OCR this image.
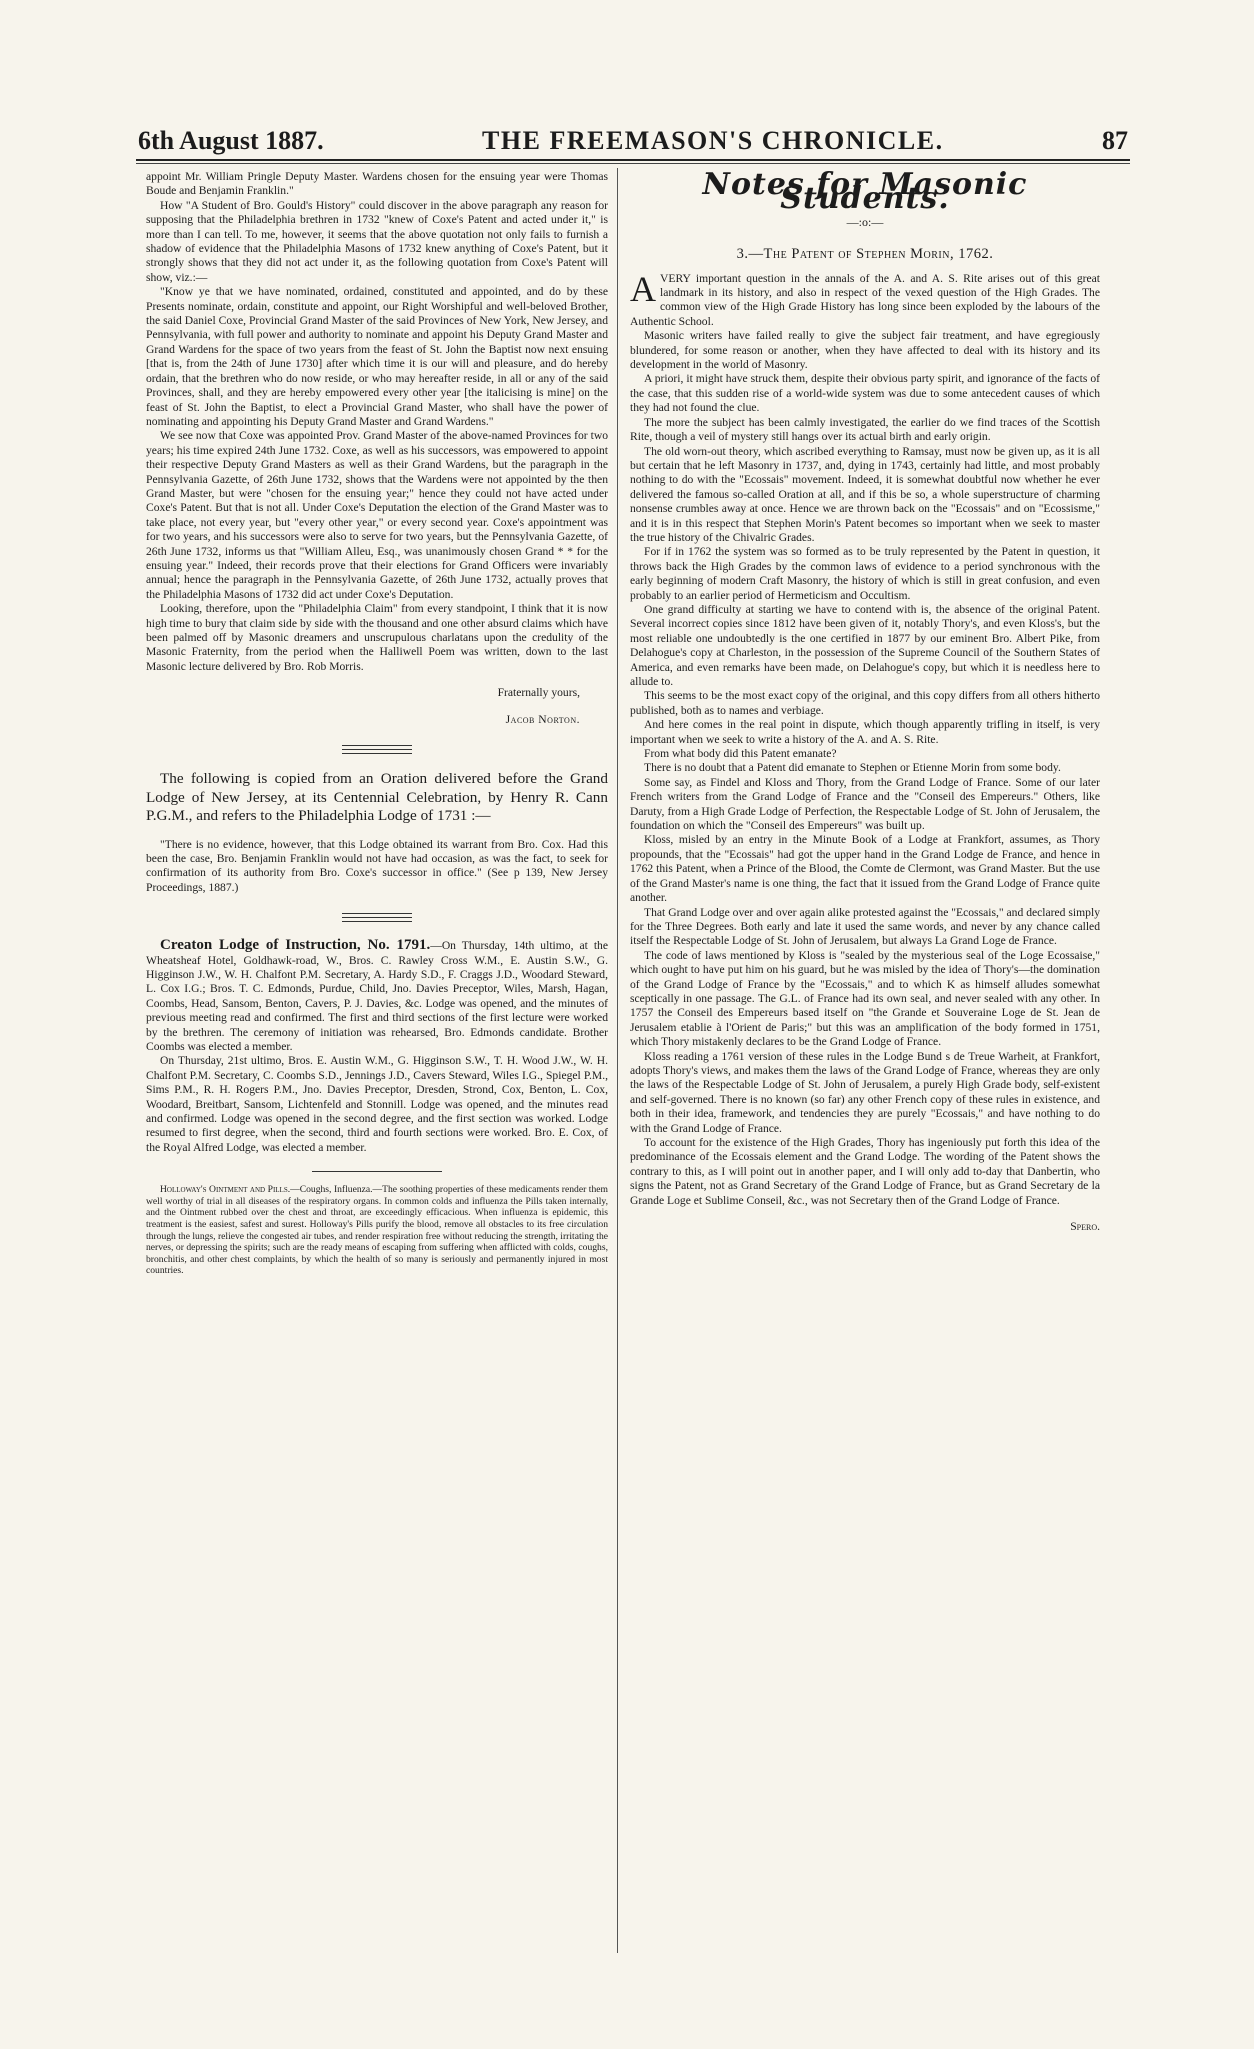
6th August 1887.	THE FREEMASON'S CHRONICLE.	87

appoint Mr. William Pringle Deputy Master. Wardens chosen for the ensuing year were Thomas Boude and Benjamin Franklin."

How "A Student of Bro. Gould's History" could discover in the above paragraph any reason for supposing that the Philadelphia brethren in 1732 "knew of Coxe's Patent and acted under it," is more than I can tell. To me, however, it seems that the above quotation not only fails to furnish a shadow of evidence that the Philadelphia Masons of 1732 knew anything of Coxe's Patent, but it strongly shows that they did not act under it, as the following quotation from Coxe's Patent will show, viz.:—

"Know ye that we have nominated, ordained, constituted and appointed, and do by these Presents nominate, ordain, constitute and appoint, our Right Worshipful and well-beloved Brother, the said Daniel Coxe, Provincial Grand Master of the said Provinces of New York, New Jersey, and Pennsylvania, with full power and authority to nominate and appoint his Deputy Grand Master and Grand Wardens for the space of two years from the feast of St. John the Baptist now next ensuing [that is, from the 24th of June 1730] after which time it is our will and pleasure, and do hereby ordain, that the brethren who do now reside, or who may hereafter reside, in all or any of the said Provinces, shall, and they are hereby empowered every other year [the italicising is mine] on the feast of St. John the Baptist, to elect a Provincial Grand Master, who shall have the power of nominating and appointing his Deputy Grand Master and Grand Wardens."

We see now that Coxe was appointed Prov. Grand Master of the above-named Provinces for two years; his time expired 24th June 1732. Coxe, as well as his successors, was empowered to appoint their respective Deputy Grand Masters as well as their Grand Wardens, but the paragraph in the Pennsylvania Gazette, of 26th June 1732, shows that the Wardens were not appointed by the then Grand Master, but were "chosen for the ensuing year;" hence they could not have acted under Coxe's Patent. But that is not all. Under Coxe's Deputation the election of the Grand Master was to take place, not every year, but "every other year," or every second year. Coxe's appointment was for two years, and his successors were also to serve for two years, but the Pennsylvania Gazette, of 26th June 1732, informs us that "William Alleu, Esq., was unanimously chosen Grand * * for the ensuing year." Indeed, their records prove that their elections for Grand Officers were invariably annual; hence the paragraph in the Pennsylvania Gazette, of 26th June 1732, actually proves that the Philadelphia Masons of 1732 did act under Coxe's Deputation.

Looking, therefore, upon the "Philadelphia Claim" from every standpoint, I think that it is now high time to bury that claim side by side with the thousand and one other absurd claims which have been palmed off by Masonic dreamers and unscrupulous charlatans upon the credulity of the Masonic Fraternity, from the period when the Halliwell Poem was written, down to the last Masonic lecture delivered by Bro. Rob Morris.

Fraternally yours,
Jacob Norton.

The following is copied from an Oration delivered before the Grand Lodge of New Jersey, at its Centennial Celebration, by Henry R. Cann P.G.M., and refers to the Philadelphia Lodge of 1731 :—

"There is no evidence, however, that this Lodge obtained its warrant from Bro. Cox. Had this been the case, Bro. Benjamin Franklin would not have had occasion, as was the fact, to seek for confirmation of its authority from Bro. Coxe's successor in office." (See p 139, New Jersey Proceedings, 1887.)

Creaton Lodge of Instruction, No. 1791.—On Thursday, 14th ultimo, at the Wheatsheaf Hotel, Goldhawk-road, W., Bros. C. Rawley Cross W.M., E. Austin S.W., G. Higginson J.W., W. H. Chalfont P.M. Secretary, A. Hardy S.D., F. Craggs J.D., Woodard Steward, L. Cox I.G.; Bros. T. C. Edmonds, Purdue, Child, Jno. Davies Preceptor, Wiles, Marsh, Hagan, Coombs, Head, Sansom, Benton, Cavers, P. J. Davies, &c. Lodge was opened, and the minutes of previous meeting read and confirmed. The first and third sections of the first lecture were worked by the brethren. The ceremony of initiation was rehearsed, Bro. Edmonds candidate. Brother Coombs was elected a member.

On Thursday, 21st ultimo, Bros. E. Austin W.M., G. Higginson S.W., T. H. Wood J.W., W. H. Chalfont P.M. Secretary, C. Coombs S.D., Jennings J.D., Cavers Steward, Wiles I.G., Spiegel P.M., Sims P.M., R. H. Rogers P.M., Jno. Davies Preceptor, Dresden, Strond, Cox, Benton, L. Cox, Woodard, Breitbart, Sansom, Lichtenfeld and Stonnill. Lodge was opened, and the minutes read and confirmed. Lodge was opened in the second degree, and the first section was worked. Lodge resumed to first degree, when the second, third and fourth sections were worked. Bro. E. Cox, of the Royal Alfred Lodge, was elected a member.

Holloway's Ointment and Pills.—Coughs, Influenza.—The soothing properties of these medicaments render them well worthy of trial in all diseases of the respiratory organs. In common colds and influenza the Pills taken internally, and the Ointment rubbed over the chest and throat, are exceedingly efficacious. When influenza is epidemic, this treatment is the easiest, safest and surest. Holloway's Pills purify the blood, remove all obstacles to its free circulation through the lungs, relieve the congested air tubes, and render respiration free without reducing the strength, irritating the nerves, or depressing the spirits; such are the ready means of escaping from suffering when afflicted with colds, coughs, bronchitis, and other chest complaints, by which the health of so many is seriously and permanently injured in most countries.

Notes for Masonic Students.
—:o:—
3.—The Patent of Stephen Morin, 1762.

A VERY important question in the annals of the A. and A. S. Rite arises out of this great landmark in its history, and also in respect of the vexed question of the High Grades. The common view of the High Grade History has long since been exploded by the labours of the Authentic School.

Masonic writers have failed really to give the subject fair treatment, and have egregiously blundered, for some reason or another, when they have affected to deal with its history and its development in the world of Masonry.

A priori, it might have struck them, despite their obvious party spirit, and ignorance of the facts of the case, that this sudden rise of a world-wide system was due to some antecedent causes of which they had not found the clue.

The more the subject has been calmly investigated, the earlier do we find traces of the Scottish Rite, though a veil of mystery still hangs over its actual birth and early origin.

The old worn-out theory, which ascribed everything to Ramsay, must now be given up, as it is all but certain that he left Masonry in 1737, and, dying in 1743, certainly had little, and most probably nothing to do with the "Ecossais" movement. Indeed, it is somewhat doubtful now whether he ever delivered the famous so-called Oration at all, and if this be so, a whole superstructure of charming nonsense crumbles away at once. Hence we are thrown back on the "Ecossais" and on "Ecossisme," and it is in this respect that Stephen Morin's Patent becomes so important when we seek to master the true history of the Chivalric Grades.

For if in 1762 the system was so formed as to be truly represented by the Patent in question, it throws back the High Grades by the common laws of evidence to a period synchronous with the early beginning of modern Craft Masonry, the history of which is still in great confusion, and even probably to an earlier period of Hermeticism and Occultism.

One grand difficulty at starting we have to contend with is, the absence of the original Patent. Several incorrect copies since 1812 have been given of it, notably Thory's, and even Kloss's, but the most reliable one undoubtedly is the one certified in 1877 by our eminent Bro. Albert Pike, from Delahogue's copy at Charleston, in the possession of the Supreme Council of the Southern States of America, and even remarks have been made, on Delahogue's copy, but which it is needless here to allude to.

This seems to be the most exact copy of the original, and this copy differs from all others hitherto published, both as to names and verbiage.

And here comes in the real point in dispute, which though apparently trifling in itself, is very important when we seek to write a history of the A. and A. S. Rite.

From what body did this Patent emanate?

There is no doubt that a Patent did emanate to Stephen or Etienne Morin from some body.

Some say, as Findel and Kloss and Thory, from the Grand Lodge of France. Some of our later French writers from the Grand Lodge of France and the "Conseil des Empereurs." Others, like Daruty, from a High Grade Lodge of Perfection, the Respectable Lodge of St. John of Jerusalem, the foundation on which the "Conseil des Empereurs" was built up.

Kloss, misled by an entry in the Minute Book of a Lodge at Frankfort, assumes, as Thory propounds, that the "Ecossais" had got the upper hand in the Grand Lodge de France, and hence in 1762 this Patent, when a Prince of the Blood, the Comte de Clermont, was Grand Master. But the use of the Grand Master's name is one thing, the fact that it issued from the Grand Lodge of France quite another.

That Grand Lodge over and over again alike protested against the "Ecossais," and declared simply for the Three Degrees. Both early and late it used the same words, and never by any chance called itself the Respectable Lodge of St. John of Jerusalem, but always La Grand Loge de France.

The code of laws mentioned by Kloss is "sealed by the mysterious seal of the Loge Ecossaise," which ought to have put him on his guard, but he was misled by the idea of Thory's—the domination of the Grand Lodge of France by the "Ecossais," and to which K as himself alludes somewhat sceptically in one passage. The G.L. of France had its own seal, and never sealed with any other. In 1757 the Conseil des Empereurs based itself on "the Grande et Souveraine Loge de St. Jean de Jerusalem etablie à l'Orient de Paris;" but this was an amplification of the body formed in 1751, which Thory mistakenly declares to be the Grand Lodge of France.

Kloss reading a 1761 version of these rules in the Lodge Bund s de Treue Warheit, at Frankfort, adopts Thory's views, and makes them the laws of the Grand Lodge of France, whereas they are only the laws of the Respectable Lodge of St. John of Jerusalem, a purely High Grade body, self-existent and self-governed. There is no known (so far) any other French copy of these rules in existence, and both in their idea, framework, and tendencies they are purely "Ecossais," and have nothing to do with the Grand Lodge of France.

To account for the existence of the High Grades, Thory has ingeniously put forth this idea of the predominance of the Ecossais element and the Grand Lodge. The wording of the Patent shows the contrary to this, as I will point out in another paper, and I will only add to-day that Danbertin, who signs the Patent, not as Grand Secretary of the Grand Lodge of France, but as Grand Secretary de la Grande Loge et Sublime Conseil, &c., was not Secretary then of the Grand Lodge of France.

Spero.
